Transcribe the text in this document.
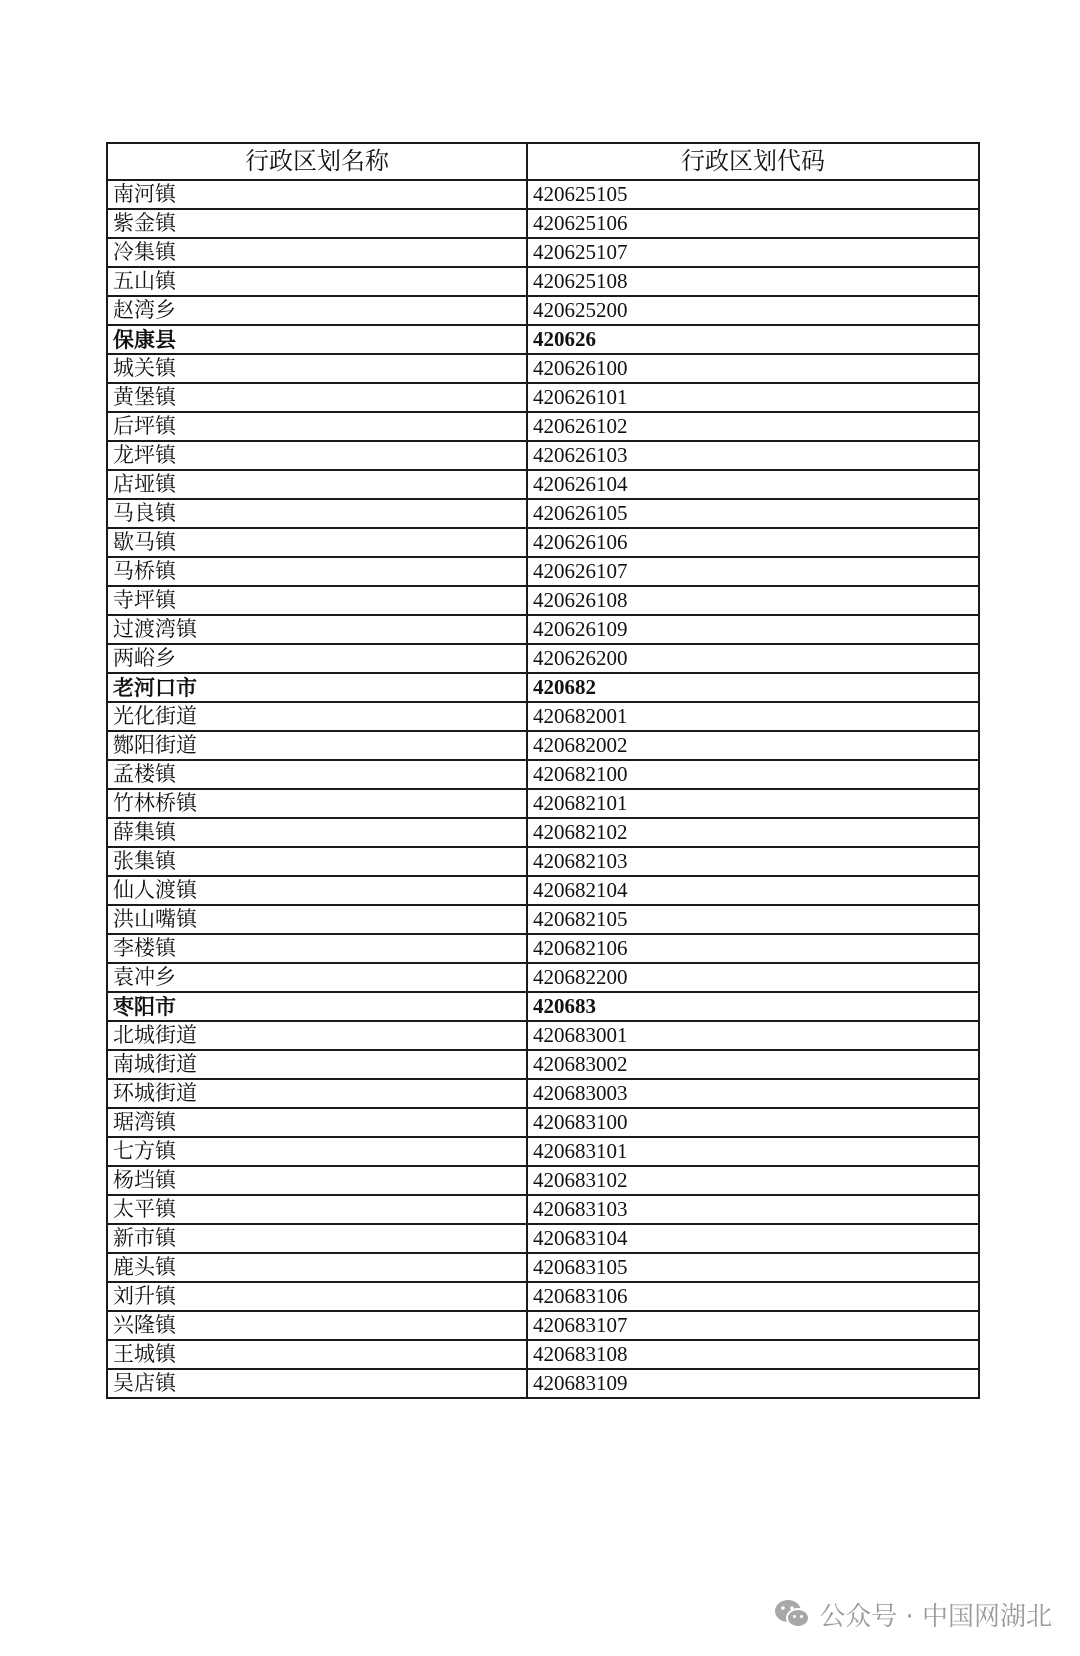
行政区划名称	行政区划代码
南河镇	420625105
紫金镇	420625106
冷集镇	420625107
五山镇	420625108
赵湾乡	420625200
保康县	420626
城关镇	420626100
黄堡镇	420626101
后坪镇	420626102
龙坪镇	420626103
店垭镇	420626104
马良镇	420626105
歇马镇	420626106
马桥镇	420626107
寺坪镇	420626108
过渡湾镇	420626109
两峪乡	420626200
老河口市	420682
光化街道	420682001
酂阳街道	420682002
孟楼镇	420682100
竹林桥镇	420682101
薛集镇	420682102
张集镇	420682103
仙人渡镇	420682104
洪山嘴镇	420682105
李楼镇	420682106
袁冲乡	420682200
枣阳市	420683
北城街道	420683001
南城街道	420683002
环城街道	420683003
琚湾镇	420683100
七方镇	420683101
杨垱镇	420683102
太平镇	420683103
新市镇	420683104
鹿头镇	420683105
刘升镇	420683106
兴隆镇	420683107
王城镇	420683108
吴店镇	420683109
公众号 · 中国网湖北
